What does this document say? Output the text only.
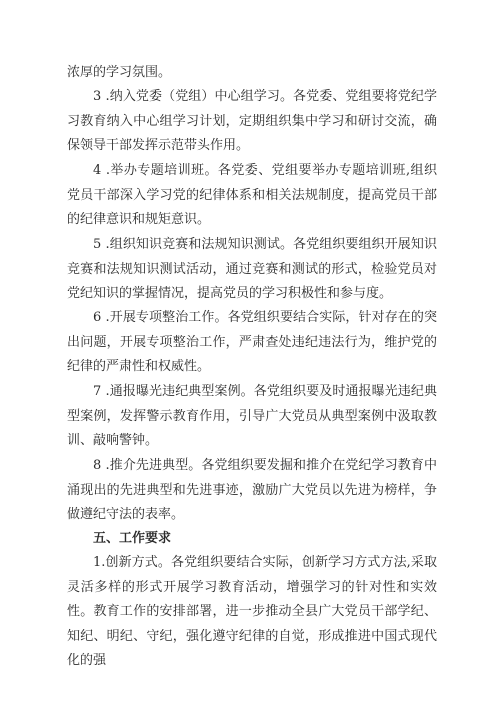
浓厚的学习氛围。
3 .纳入党委（党组）中心组学习。各党委、党组要将党纪学习教育纳入中心组学习计划，定期组织集中学习和研讨交流，确保领导干部发挥示范带头作用。
4 .举办专题培训班。各党委、党组要举办专题培训班,组织党员干部深入学习党的纪律体系和相关法规制度，提高党员干部的纪律意识和规矩意识。
5 .组织知识竞赛和法规知识测试。各党组织要组织开展知识竞赛和法规知识测试活动，通过竞赛和测试的形式，检验党员对党纪知识的掌握情况，提高党员的学习积极性和参与度。
6 .开展专项整治工作。各党组织要结合实际，针对存在的突出问题，开展专项整治工作，严肃查处违纪违法行为，维护党的纪律的严肃性和权威性。
7 .通报曝光违纪典型案例。各党组织要及时通报曝光违纪典型案例，发挥警示教育作用，引导广大党员从典型案例中汲取教训、敲响警钟。
8 .推介先进典型。各党组织要发掘和推介在党纪学习教育中涌现出的先进典型和先进事迹，激励广大党员以先进为榜样，争做遵纪守法的表率。
五、工作要求
1.创新方式。各党组织要结合实际，创新学习方式方法,采取灵活多样的形式开展学习教育活动，增强学习的针对性和实效性。教育工作的安排部署，进一步推动全县广大党员干部学纪、知纪、明纪、守纪，强化遵守纪律的自觉，形成推进中国式现代化的强
